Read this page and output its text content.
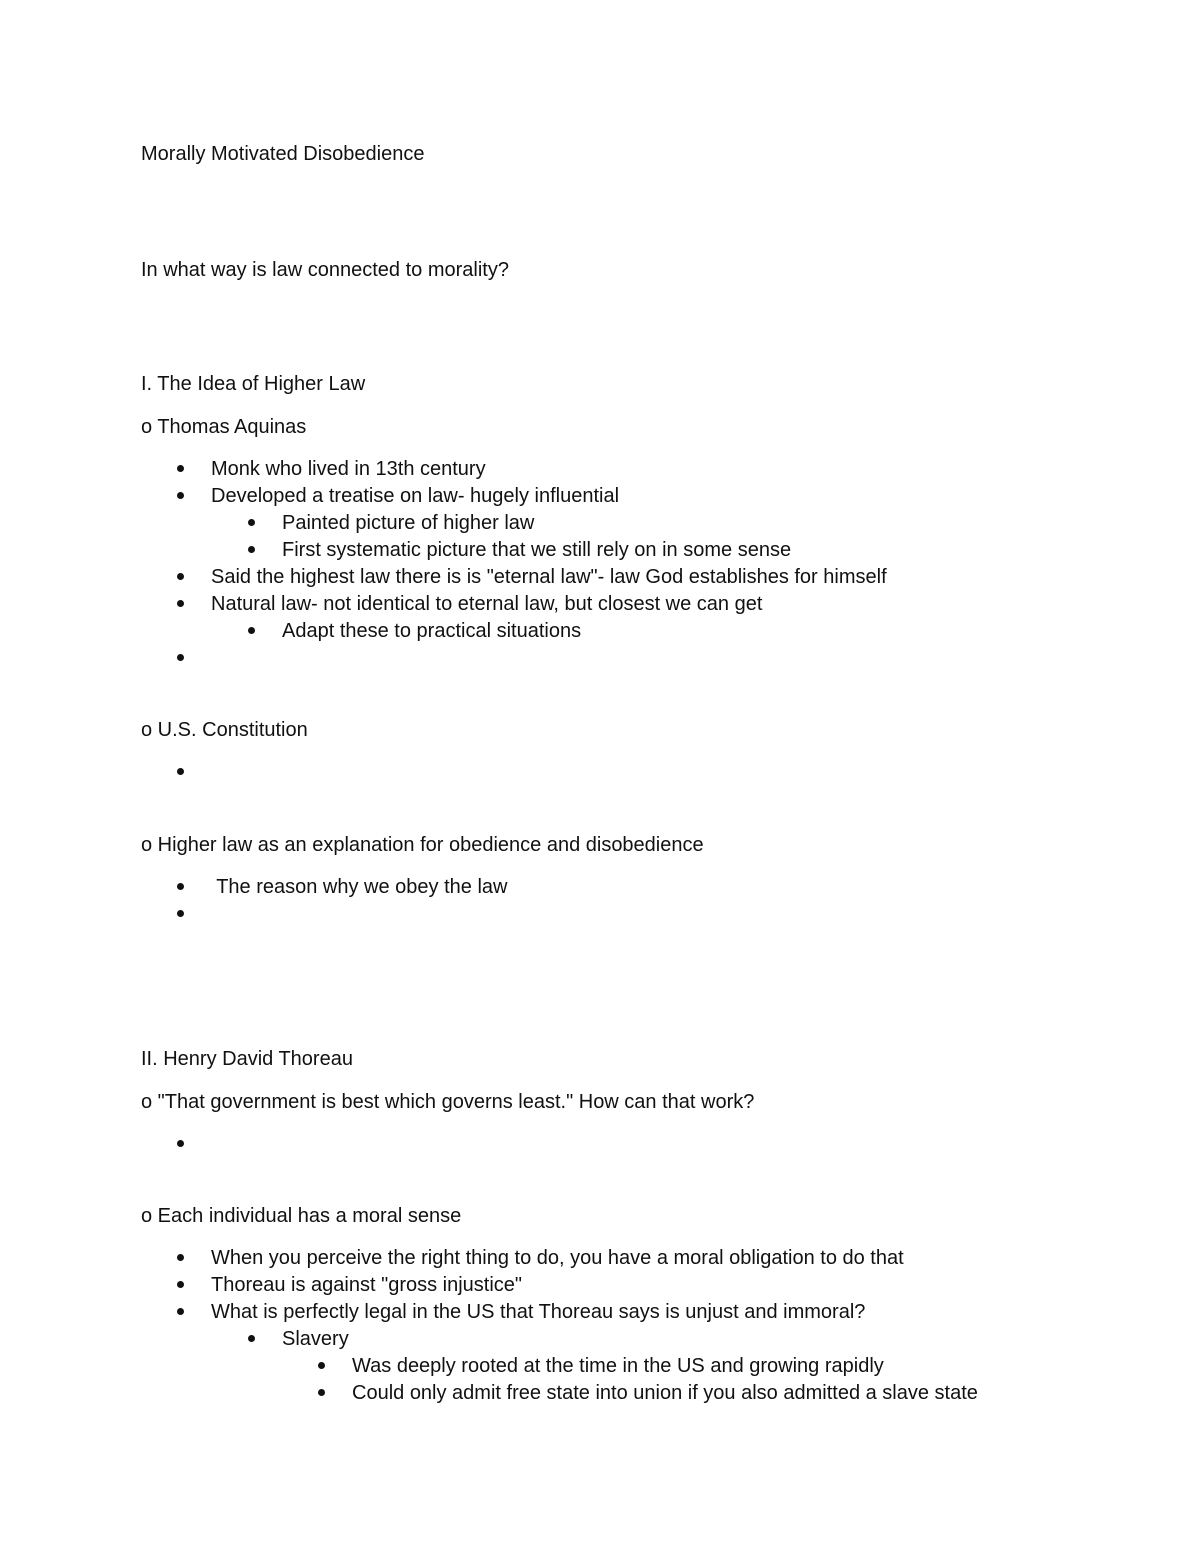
Morally Motivated Disobedience
In what way is law connected to morality?
I. The Idea of Higher Law
o Thomas Aquinas
Monk who lived in 13th century
Developed a treatise on law- hugely influential
Painted picture of higher law
First systematic picture that we still rely on in some sense
Said the highest law there is is "eternal law"- law God establishes for himself
Natural law- not identical to eternal law, but closest we can get
Adapt these to practical situations
o U.S. Constitution
o Higher law as an explanation for obedience and disobedience
The reason why we obey the law
II. Henry David Thoreau
o "That government is best which governs least." How can that work?
o Each individual has a moral sense
When you perceive the right thing to do, you have a moral obligation to do that
Thoreau is against "gross injustice"
What is perfectly legal in the US that Thoreau says is unjust and immoral?
Slavery
Was deeply rooted at the time in the US and growing rapidly
Could only admit free state into union if you also admitted a slave state
